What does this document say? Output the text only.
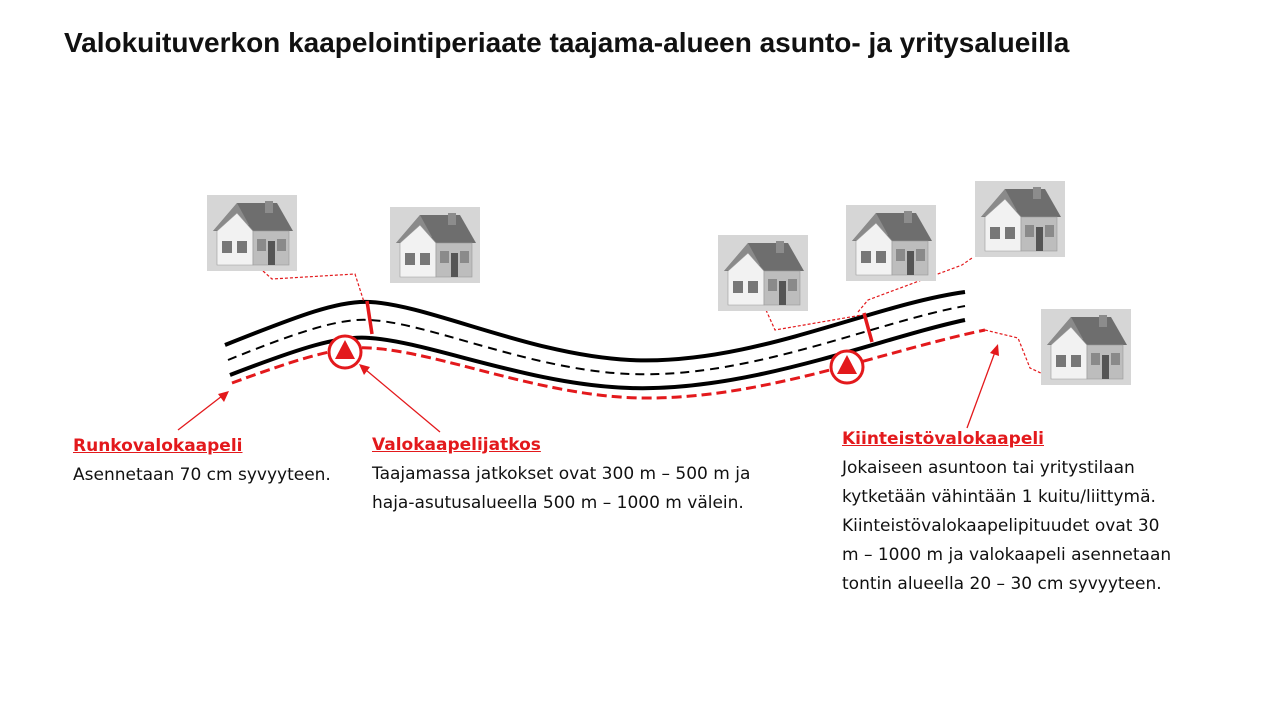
Valokuituverkon kaapelointiperiaate taajama-alueen asunto- ja yritysalueilla
Runkovalokaapeli
Asennetaan 70 cm syvyyteen.
Valokaapelijatkos
Taajamassa jatkokset ovat 300 m – 500 m ja
haja-asutusalueella 500 m – 1000 m välein.
Kiinteistövalokaapeli
Jokaiseen asuntoon tai yritystilaan
kytketään vähintään 1 kuitu/liittymä.
Kiinteistövalokaapelipituudet ovat 30
m – 1000 m ja valokaapeli asennetaan
tontin alueella 20 – 30 cm syvyyteen.
